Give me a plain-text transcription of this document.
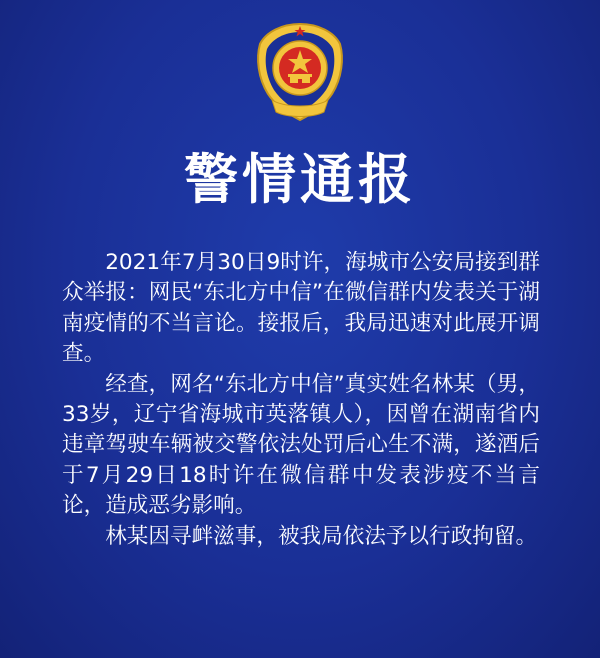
警情通报

2021年7月30日9时许，海城市公安局接到群众举报：网民“东北方中信”在微信群内发表关于湖南疫情的不当言论。接报后，我局迅速对此展开调查。

经查，网名“东北方中信”真实姓名林某（男，33岁，辽宁省海城市英落镇人），因曾在湖南省内违章驾驶车辆被交警依法处罚后心生不满，遂酒后于7月29日18时许在微信群中发表涉疫不当言论，造成恶劣影响。

林某因寻衅滋事，被我局依法予以行政拘留。
